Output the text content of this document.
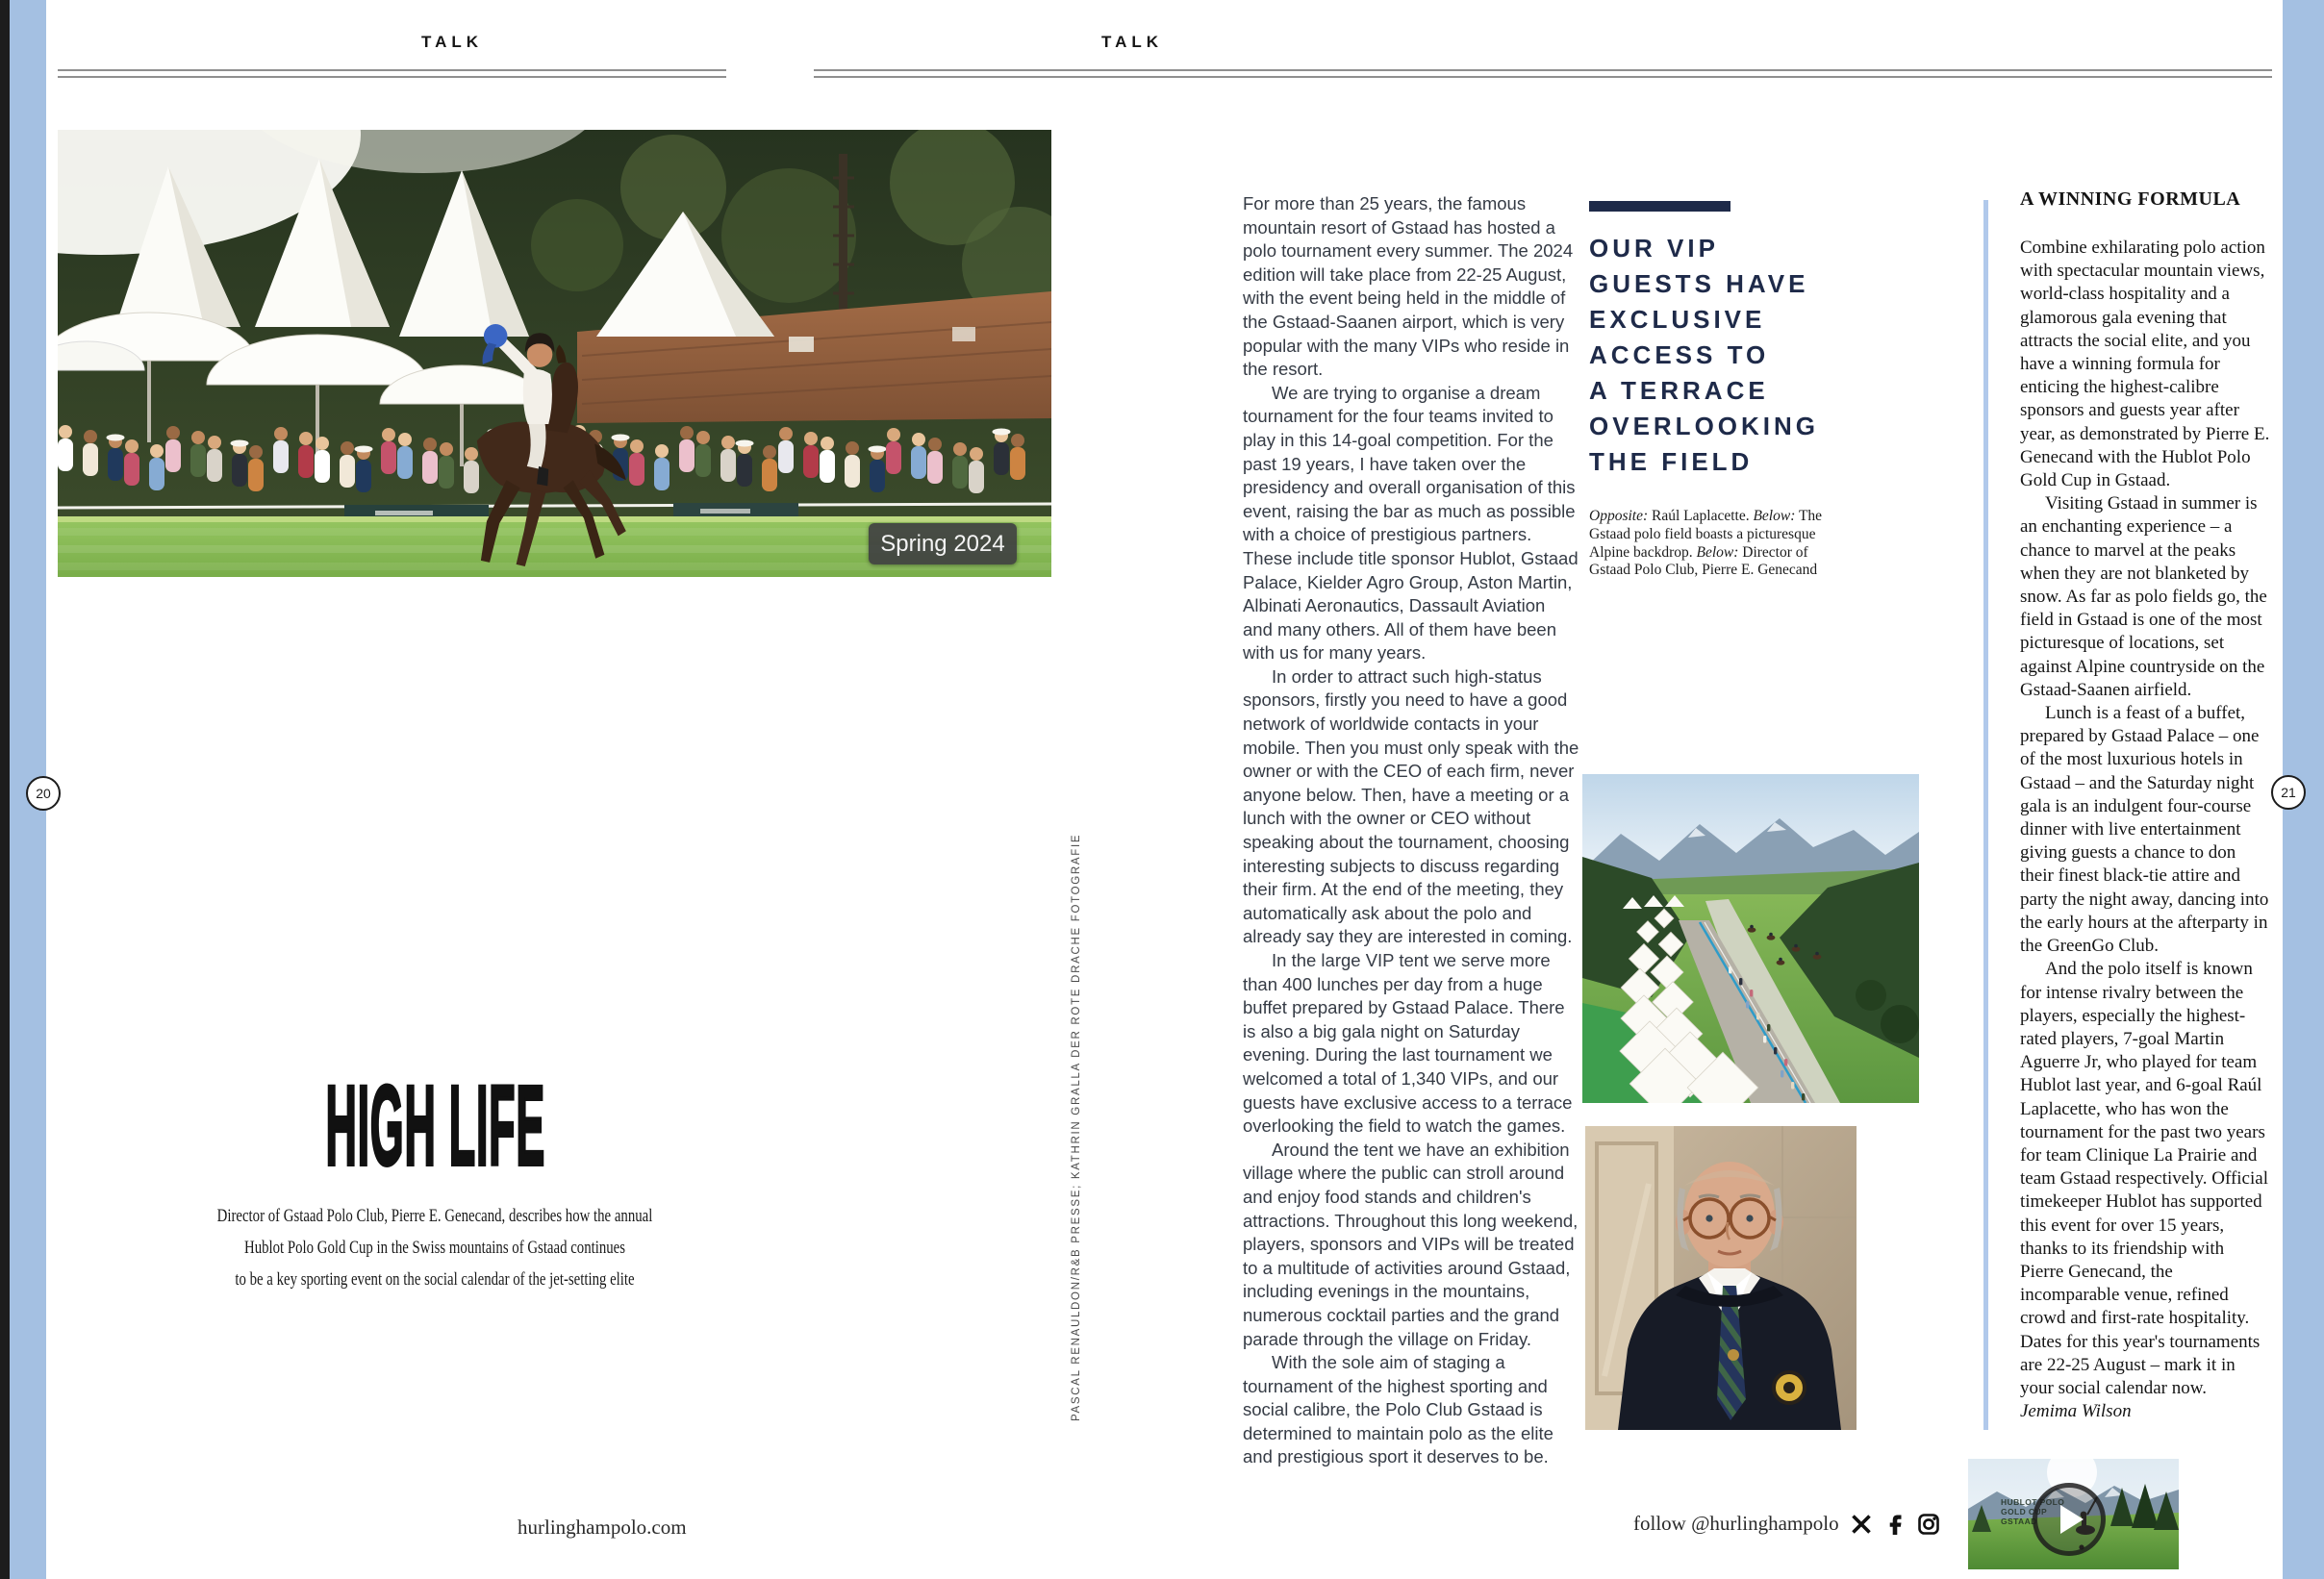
TALK	TALK
20	21
Spring 2024
PASCAL RENAULDON/R&B PRESSE; KATHRIN GRALLA DER ROTE DRACHE FOTOGRAFIE
HIGH LIFE
Director of Gstaad Polo Club, Pierre E. Genecand, describes how the annual
Hublot Polo Gold Cup in the Swiss mountains of Gstaad continues
to be a key sporting event on the social calendar of the jet-setting elite
hurlinghampolo.com

For more than 25 years, the famous mountain resort of Gstaad has hosted a polo tournament every summer. The 2024 edition will take place from 22-25 August, with the event being held in the middle of the Gstaad-Saanen airport, which is very popular with the many VIPs who reside in the resort.

We are trying to organise a dream tournament for the four teams invited to play in this 14-goal competition. For the past 19 years, I have taken over the presidency and overall organisation of this event, raising the bar as much as possible with a choice of prestigious partners. These include title sponsor Hublot, Gstaad Palace, Kielder Agro Group, Aston Martin, Albinati Aeronautics, Dassault Aviation and many others. All of them have been with us for many years.

In order to attract such high-status sponsors, firstly you need to have a good network of worldwide contacts in your mobile. Then you must only speak with the owner or with the CEO of each firm, never anyone below. Then, have a meeting or a lunch with the owner or CEO without speaking about the tournament, choosing interesting subjects to discuss regarding their firm. At the end of the meeting, they automatically ask about the polo and already say they are interested in coming.

In the large VIP tent we serve more than 400 lunches per day from a huge buffet prepared by Gstaad Palace. There is also a big gala night on Saturday evening. During the last tournament we welcomed a total of 1,340 VIPs, and our guests have exclusive access to a terrace overlooking the field to watch the games.

Around the tent we have an exhibition village where the public can stroll around and enjoy food stands and children's attractions. Throughout this long weekend, players, sponsors and VIPs will be treated to a multitude of activities around Gstaad, including evenings in the mountains, numerous cocktail parties and the grand parade through the village on Friday.

With the sole aim of staging a tournament of the highest sporting and social calibre, the Polo Club Gstaad is determined to maintain polo as the elite and prestigious sport it deserves to be.

OUR VIP
GUESTS HAVE
EXCLUSIVE
ACCESS TO
A TERRACE
OVERLOOKING
THE FIELD
Opposite: Raúl Laplacette. Below: The Gstaad polo field boasts a picturesque Alpine backdrop. Below: Director of Gstaad Polo Club, Pierre E. Genecand
A WINNING FORMULA

Combine exhilarating polo action with spectacular mountain views, world-class hospitality and a glamorous gala evening that attracts the social elite, and you have a winning formula for enticing the highest-calibre sponsors and guests year after year, as demonstrated by Pierre E. Genecand with the Hublot Polo Gold Cup in Gstaad.

Visiting Gstaad in summer is an enchanting experience – a chance to marvel at the peaks when they are not blanketed by snow. As far as polo fields go, the field in Gstaad is one of the most picturesque of locations, set against Alpine countryside on the Gstaad-Saanen airfield.

Lunch is a feast of a buffet, prepared by Gstaad Palace – one of the most luxurious hotels in Gstaad – and the Saturday night gala is an indulgent four-course dinner with live entertainment giving guests a chance to don their finest black-tie attire and party the night away, dancing into the early hours at the afterparty in the GreenGo Club.

And the polo itself is known for intense rivalry between the players, especially the highest-rated players, 7-goal Martin Aguerre Jr, who played for team Hublot last year, and 6-goal Raúl Laplacette, who has won the tournament for the past two years for team Clinique La Prairie and team Gstaad respectively. Official timekeeper Hublot has supported this event for over 15 years, thanks to its friendship with Pierre Genecand, the incomparable venue, refined crowd and first-rate hospitality. Dates for this year's tournaments are 22-25 August – mark it in your social calendar now.

Jemima Wilson
HUBLOT POLO GOLD CUP GSTAAD
follow @hurlinghampolo
